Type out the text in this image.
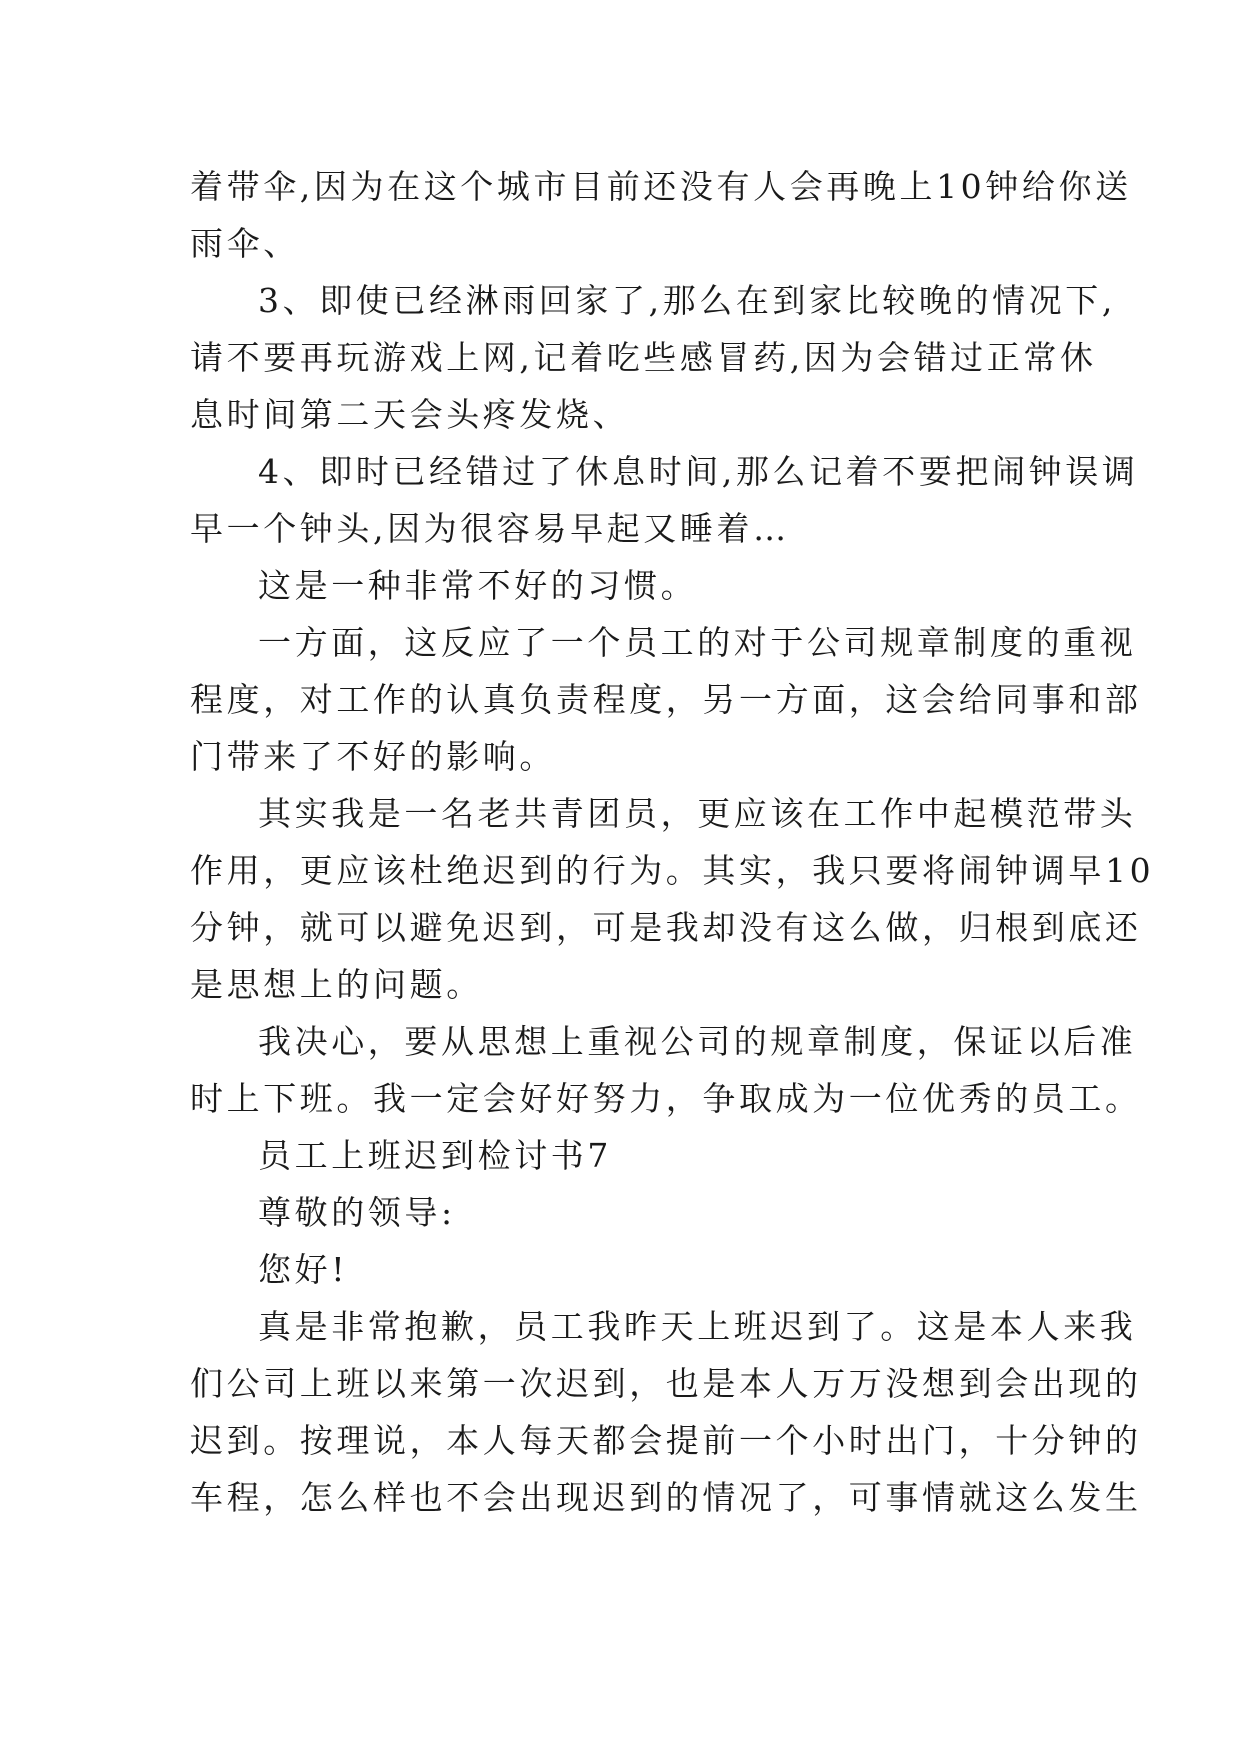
着带伞,因为在这个城市目前还没有人会再晚上10钟给你送

雨伞、

3、即使已经淋雨回家了,那么在到家比较晚的情况下,

请不要再玩游戏上网,记着吃些感冒药,因为会错过正常休

息时间第二天会头疼发烧、

4、即时已经错过了休息时间,那么记着不要把闹钟误调

早一个钟头,因为很容易早起又睡着…

这是一种非常不好的习惯。

一方面，这反应了一个员工的对于公司规章制度的重视

程度，对工作的认真负责程度，另一方面，这会给同事和部

门带来了不好的影响。

其实我是一名老共青团员，更应该在工作中起模范带头

作用，更应该杜绝迟到的行为。其实，我只要将闹钟调早10

分钟，就可以避免迟到，可是我却没有这么做，归根到底还

是思想上的问题。

我决心，要从思想上重视公司的规章制度，保证以后准

时上下班。我一定会好好努力，争取成为一位优秀的员工。

员工上班迟到检讨书7

尊敬的领导:

您好!

真是非常抱歉，员工我昨天上班迟到了。这是本人来我

们公司上班以来第一次迟到，也是本人万万没想到会出现的

迟到。按理说，本人每天都会提前一个小时出门，十分钟的

车程，怎么样也不会出现迟到的情况了，可事情就这么发生
